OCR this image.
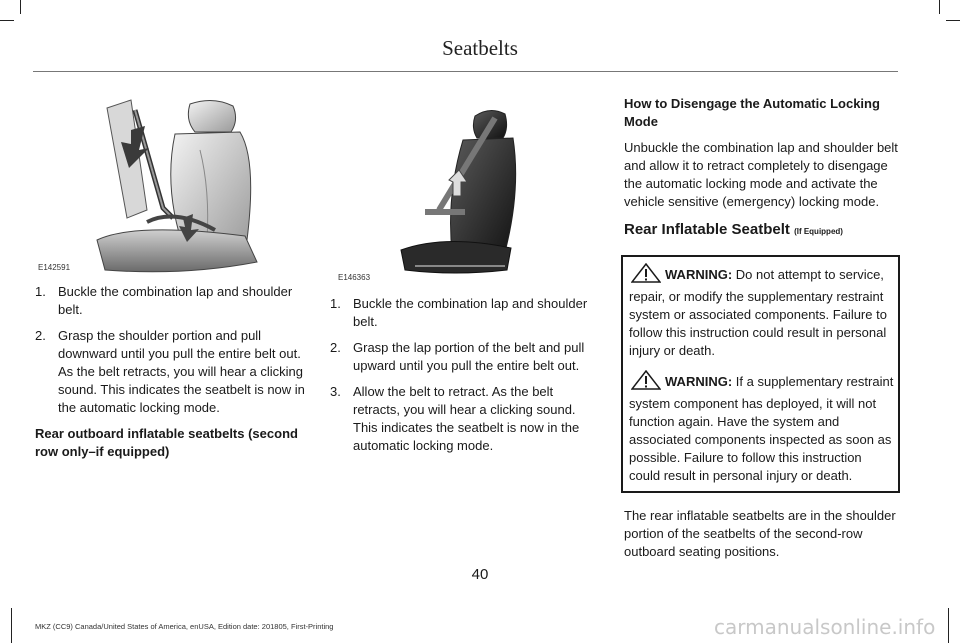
Seatbelts
E142591
E146363
1. Buckle the combination lap and shoulder belt.
2. Grasp the shoulder portion and pull downward until you pull the entire belt out. As the belt retracts, you will hear a clicking sound. This indicates the seatbelt is now in the automatic locking mode.
Rear outboard inflatable seatbelts (second row only–if equipped)
1. Buckle the combination lap and shoulder belt.
2. Grasp the lap portion of the belt and pull upward until you pull the entire belt out.
3. Allow the belt to retract. As the belt retracts, you will hear a clicking sound. This indicates the seatbelt is now in the automatic locking mode.
How to Disengage the Automatic Locking Mode

Unbuckle the combination lap and shoulder belt and allow it to retract completely to disengage the automatic locking mode and activate the vehicle sensitive (emergency) locking mode.

Rear Inflatable Seatbelt (If Equipped)

WARNING: Do not attempt to service, repair, or modify the supplementary restraint system or associated components. Failure to follow this instruction could result in personal injury or death.

WARNING: If a supplementary restraint system component has deployed, it will not function again. Have the system and associated components inspected as soon as possible. Failure to follow this instruction could result in personal injury or death.

The rear inflatable seatbelts are in the shoulder portion of the seatbelts of the second-row outboard seating positions.

40
MKZ (CC9) Canada/United States of America, enUSA, Edition date: 201805, First-Printing	carmanualsonline.info
